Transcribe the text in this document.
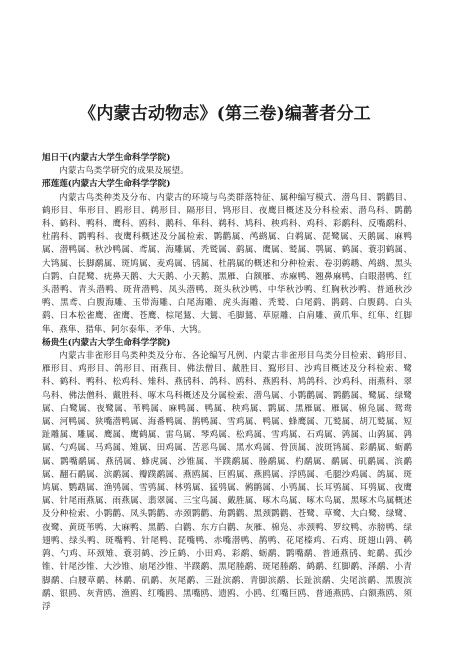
《内蒙古动物志》(第三卷)编著者分工
旭日干(内蒙古大学生命科学学院)
内蒙古鸟类学研究的成果及展望。
邢莲莲(内蒙古大学生命科学学院)
内蒙古鸟类种类及分布、内蒙古的环境与鸟类群落特征、属种编写模式、潜鸟目、鹮鹳目、鹤形目、隼形目、鸥形目、鹈形目、隔形目、鸨形目、夜鹰目概述及分科检索、潜鸟科、鹮鹳科、鹤科、鸭科、鹰科、鸥科、鹅科、隼科、鹈科、鸠科、秧鸡科、鸡科、彩鹬科、反嘴鹬科、杜鹃科、鹮鸭科、夜鹰科概述及分属检索、鹮鹳属、鸬鹚属、白鹈属、琵鹭属、天鹅属、麻鸭属、潜鸭属、秋沙鸭属、鸢属、海雕属、秃鹫属、鹞属、鹰属、鹫属、鹗属、鹤属、蓑羽鹤属、大鸨属、长脚鹬属、斑鸠属、麦鸡属、鸻属、杜鹃属的概述和分种检索、卷羽鹈鹕、鸬鹚、黑头白鹮、白琵鹭、疣鼻天鹅、大天鹅、小天鹅、黑雁、白额雁、赤麻鸭、翘鼻麻鸭、白眼潜鸭、红头潜鸭、青头潜鸭、斑背潜鸭、凤头潜鸭、斑头秋沙鸭、中华秋沙鸭、红胸秋沙鸭、普通秋沙鸭、黑鸢、白腹海雕、玉带海雕、白尾海雕、虎头海雕、秃鹫、白尾鹞、鹊鹞、白腹鹞、白头鹞、日本松雀鹰、雀鹰、苍鹰、棕尾鵟、大鵟、毛脚鵟、草原雕、白肩雕、黄爪隼、红隼、红脚隼、燕隼、猎隼、阿尔泰隼、矛隼、大鸨。
杨贵生(内蒙古大学生命科学学院)
内蒙古非雀形目鸟类种类及分布、各论编写凡例、内蒙古非雀形目鸟类分目检索、鹤形目、雁形目、鸡形目、鸽形目、雨燕目、佛法僧目、戴胜目、鴷形目、沙鸡目概述及分科检索、鹭科、鹤科、鸭科、松鸡科、雉科、燕鸻科、鸽科、鸥科、燕鸥科、鸠鸽科、沙鸡科、雨燕科、翠鸟科、佛法僧科、戴胜科、啄木鸟科概述及分属检索、潜鸟属、小鹮鹳属、鹮鹳属、鹭属、绿鹭属、白鹭属、夜鹭属、苇鸭属、麻鸭属、鸭属、秧鸡属、鹮属、黑雁属、雁属、棉凫属、鸳鸯属、河鸭属、狭嘴潜鸭属、海番鸭属、鹊鸭属、雪鸡属、鸭属、蜂鹰属、兀鹫属、胡兀鹫属、短趾雕属、雕属、鹰属、鹰鹤属、雷鸟属、琴鸡属、松鸡属、雪鸡属、石鸡属、鹑属、山鹑属、鹑属、勺鸡属、马鸡属、雉属、田鸡属、苦恶鸟属、黑水鸡属、骨顶属、波斑鸨属、彩鹬属、蛎鹬属、鹮嘴鹬属、燕鸻属、蜂虎属、沙锥属、半蹼鹬属、塍鹬属、杓鹬属、鹬属、矶鹬属、滨鹬属、翻石鹬属、滨鹬属、瓣蹼鹬属、燕鸥属、巨鸥属、燕鸥属、浮鸥属、毛腿沙鸡属、鸽属、斑鸠属、鹦鹉属、渔鸮属、雪鸮属、林鸮属、猛鸮属、鸺鹠属、小鸮属、长耳鸮属、耳鸮属、夜鹰属、针尾雨燕属、雨燕属、翡翠属、三宝鸟属、戴胜属、啄木鸟属、啄木鸟属、黑啄木鸟属概述及分种检索、小鹮鹳、凤头鹮鹳、赤颈鹮鹳、角鹮鹳、黑颈鹮鹳、苍鹭、草鹭、大白鹭、绿鹭、夜鹭、黄斑苇鸭、大麻鸭、黑鹳、白鹳、东方白鹳、灰雁、棉凫、赤颈鸭、罗纹鸭、赤膀鸭、绿翅鸭、绿头鸭、斑嘴鸭、针尾鸭、琵嘴鸭、赤嘴潜鸭、鹊鸭、花尾榛鸡、石鸡、斑翅山鹑、鹌鹑、勺鸡、环颈雉、蓑羽鹤、沙丘鹤、小田鸡、彩鹬、蛎鹬、鹮嘴鹬、普通燕鸻、蛇鹬、孤沙锥、针尾沙锥、大沙锥、扇尾沙锥、半蹼鹬、黑尾塍鹬、斑尾塍鹬、鹤鹬、红脚鹬、泽鹬、小青脚鹬、白腰草鹬、林鹬、矶鹬、灰尾鹬、三趾滨鹬、青脚滨鹬、长趾滨鹬、尖尾滨鹬、黑腹滨鹬、银鸥、灰背鸥、渔鸥、红嘴鸥、黑嘴鸥、遗鸥、小鸥、红嘴巨鸥、普通燕鸥、白额燕鸥、须浮
